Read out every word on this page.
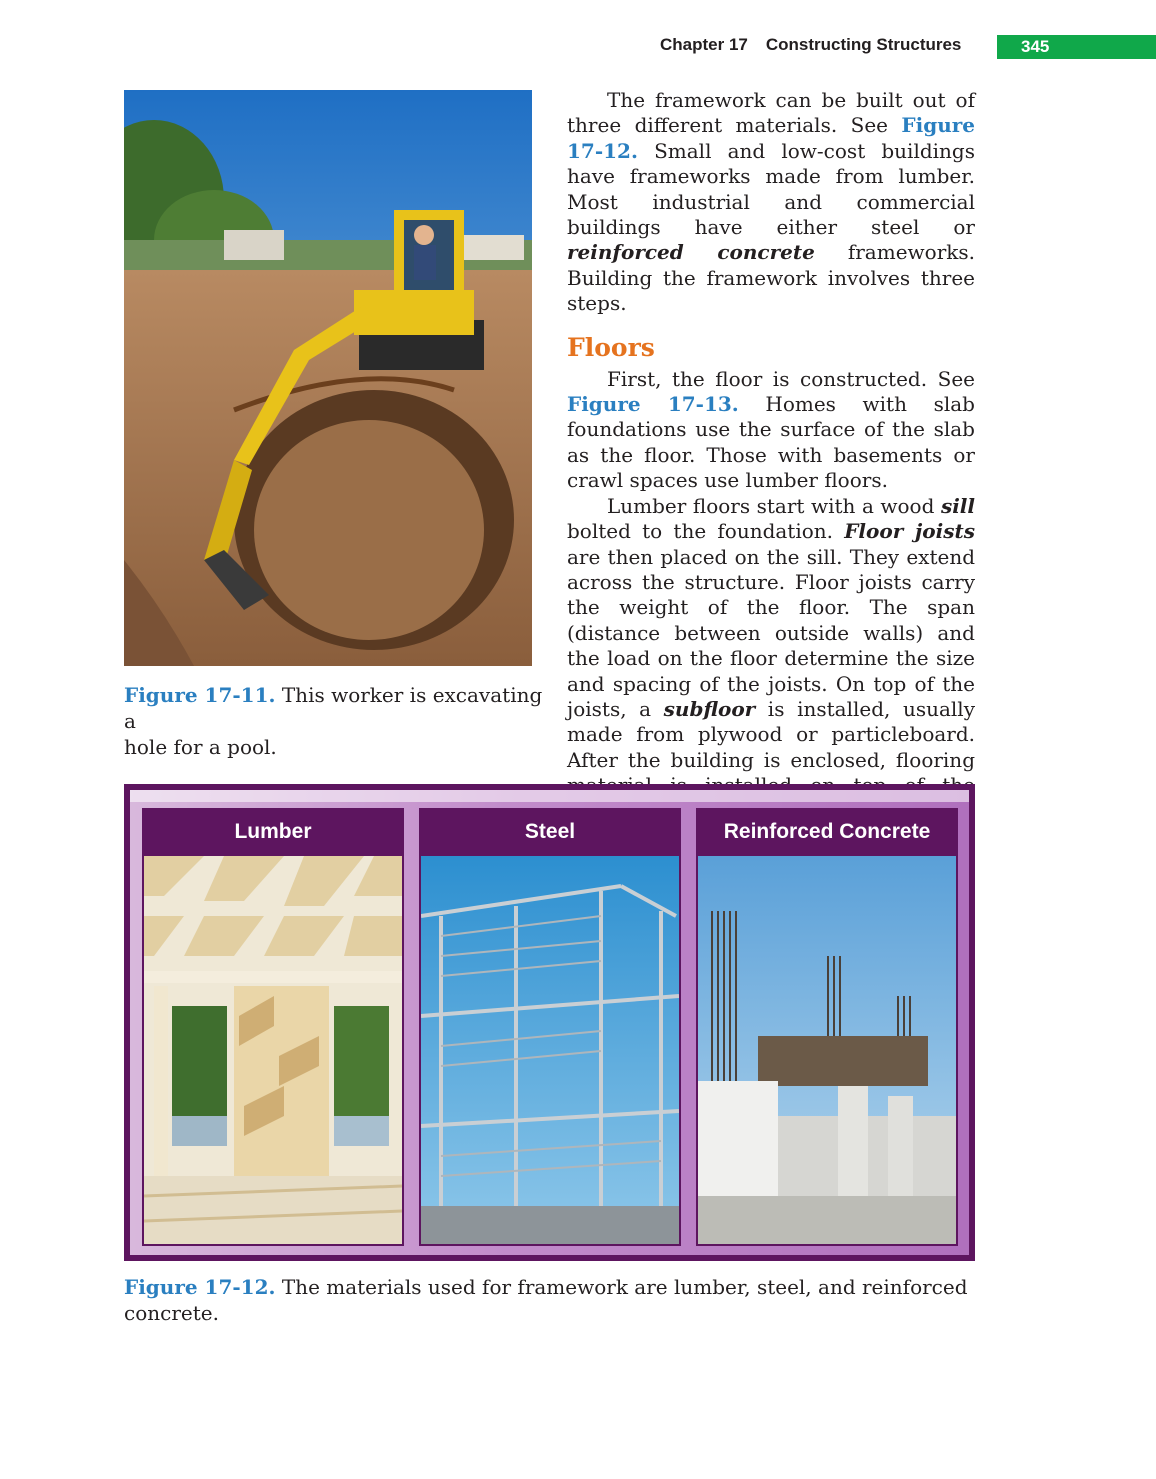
Chapter 17 Constructing Structures	345
Figure 17-11. This worker is excavating a
hole for a pool.

The framework can be built out of three different materials. See Figure 17-12. Small and low-cost buildings have frameworks made from lumber. Most industrial and commercial buildings have either steel or reinforced concrete frameworks. Building the framework involves three steps.

Floors

First, the floor is constructed. See Figure 17-13. Homes with slab foundations use the surface of the slab as the floor. Those with basements or crawl spaces use lumber floors.

Lumber floors start with a wood sill bolted to the foundation. Floor joists are then placed on the sill. They extend across the structure. Floor joists carry the weight of the floor. The span (distance between outside walls) and the load on the floor determine the size and spacing of the joists. On top of the joists, a subfloor is installed, usually made from plywood or particleboard. After the building is enclosed, flooring

Lumber	Steel	Reinforced Concrete
Figure 17-12. The materials used for framework are lumber, steel, and reinforced
concrete.
